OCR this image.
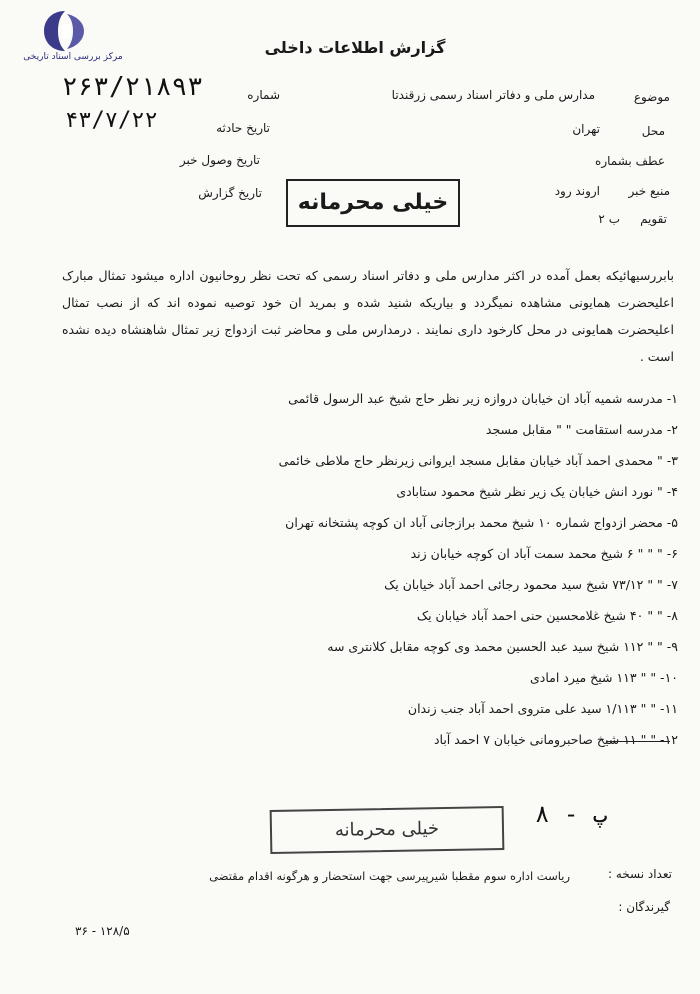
مرکز بررسی اسناد تاریخی	گزارش اطلاعات داخلی
شماره
۲۶۳/۲۱۸۹۳
تاریخ حادثه
۴۳/۷/۲۲
تاریخ وصول خبر
تاریخ گزارش
موضوع
مدارس ملی و دفاتر اسناد رسمی زرقندتا
محل
تهران
عطف بشماره
منبع خبر
اروند رود
تقویم
ب ۲
خیلی محرمانه
بابررسیهائیکه بعمل آمده در اکثر مدارس ملی و دفاتر اسناد رسمی که تحت نظر روحانیون اداره میشود تمثال مبارک اعلیحضرت همایونی مشاهده نمیگردد و بیاریکه شنید شده و بمرید ان خود توصیه نموده اند که از نصب تمثال اعلیحضرت همایونی در محل کارخود داری نمایند . درمدارس ملی و محاضر ثبت ازدواج زیر تمثال شاهنشاه دیده نشده است .
۱- مدرسه شمیه آباد ان خیابان دروازه زیر نظر حاج شیخ عبد الرسول قائمی
۲- مدرسه استقامت " " مقابل مسجد
۳- " محمدی احمد آباد خیابان مقابل مسجد ایروانی زیرنظر حاج ملاطی خائمی
۴- " نورد انش خیابان یک زیر نظر شیخ محمود ستابادی
۵- محضر ازدواج شماره ۱۰ شیخ محمد برازجانی آباد ان کوچه پشتخانه تهران
۶- " " " ۶ شیخ محمد سمت آباد ان کوچه خیابان زند
۷- " " ۷۳/۱۲ شیخ سید محمود رجائی احمد آباد خیابان یک
۸- " " ۴۰ شیخ غلامحسین حنی احمد آباد خیابان یک
۹- " " ۱۱۲ شیخ سید عبد الحسین محمد وی کوچه مقابل کلانتری سه
۱۰- " " ۱۱۳ شیخ میرد امادی
۱۱- " " ۱/۱۱۳ سید علی متروی احمد آباد جنب زندان
۱۲- " " ۱۱ شیخ صاحبرومانی خیابان ۷ احمد آباد
۸ - پ
خیلی محرمانه
تعداد نسخه :
ریاست اداره سوم مقطبا شیرپیرسی جهت استحضار و هرگونه اقدام مقتضی
گیرندگان :
۳۶ - ۱۲۸/۵
